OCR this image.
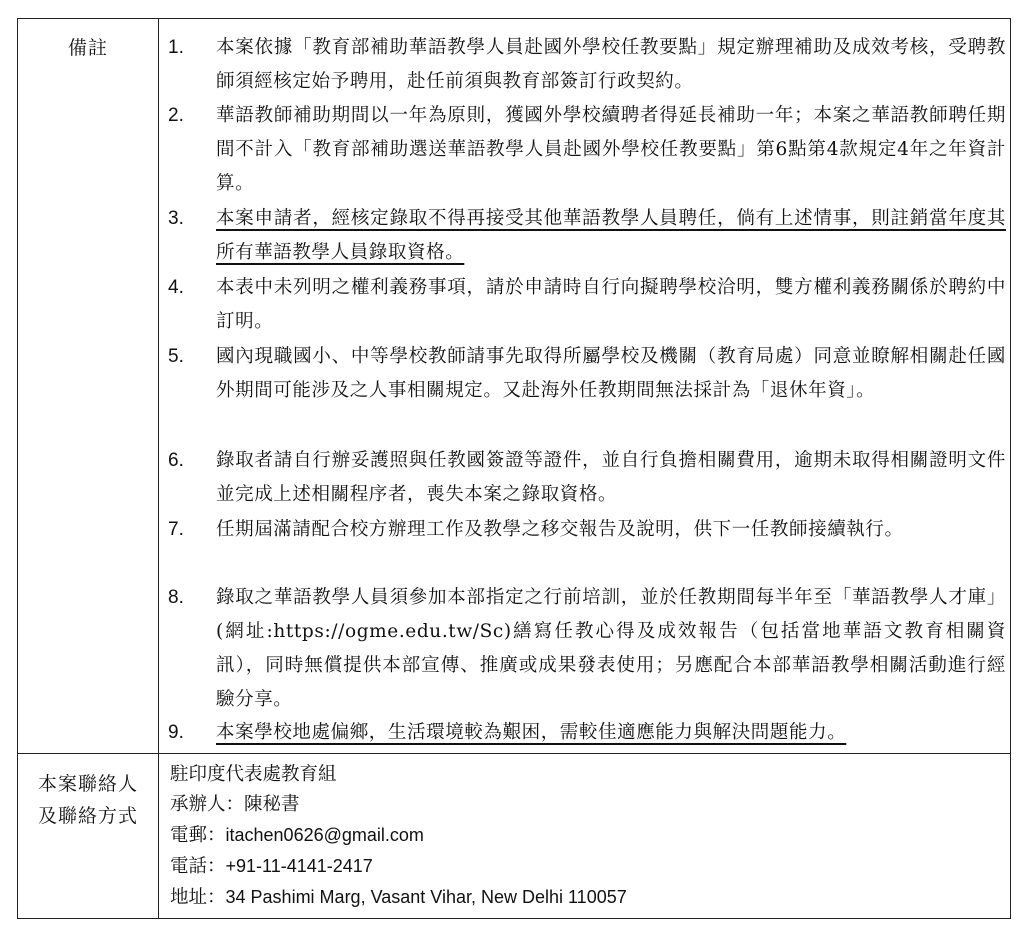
備註	1. 本案依據「教育部補助華語教學人員赴國外學校任教要點」規定辦理補助及成效考核，受聘教師須經核定始予聘用，赴任前須與教育部簽訂行政契約。
2. 華語教師補助期間以一年為原則，獲國外學校續聘者得延長補助一年；本案之華語教師聘任期間不計入「教育部補助選送華語教學人員赴國外學校任教要點」第6點第4款規定4年之年資計算。
3. 本案申請者，經核定錄取不得再接受其他華語教學人員聘任，倘有上述情事，則註銷當年度其所有華語教學人員錄取資格。
4. 本表中未列明之權利義務事項，請於申請時自行向擬聘學校洽明，雙方權利義務關係於聘約中訂明。
5. 國內現職國小、中等學校教師請事先取得所屬學校及機關（教育局處）同意並瞭解相關赴任國外期間可能涉及之人事相關規定。又赴海外任教期間無法採計為「退休年資」。
6. 錄取者請自行辦妥護照與任教國簽證等證件，並自行負擔相關費用，逾期未取得相關證明文件並完成上述相關程序者，喪失本案之錄取資格。
7. 任期屆滿請配合校方辦理工作及教學之移交報告及說明，供下一任教師接續執行。
8. 錄取之華語教學人員須參加本部指定之行前培訓，並於任教期間每半年至「華語教學人才庫」(網址:https://ogme.edu.tw/Sc)繕寫任教心得及成效報告（包括當地華語文教育相關資訊），同時無償提供本部宣傳、推廣或成果發表使用；另應配合本部華語教學相關活動進行經驗分享。
9. 本案學校地處偏鄉，生活環境較為艱困，需較佳適應能力與解決問題能力。
本案聯絡人
及聯絡方式
駐印度代表處教育組
承辦人：陳秘書
電郵：itachen0626@gmail.com
電話：+91-11-4141-2417
地址：34 Pashimi Marg, Vasant Vihar, New Delhi 110057
